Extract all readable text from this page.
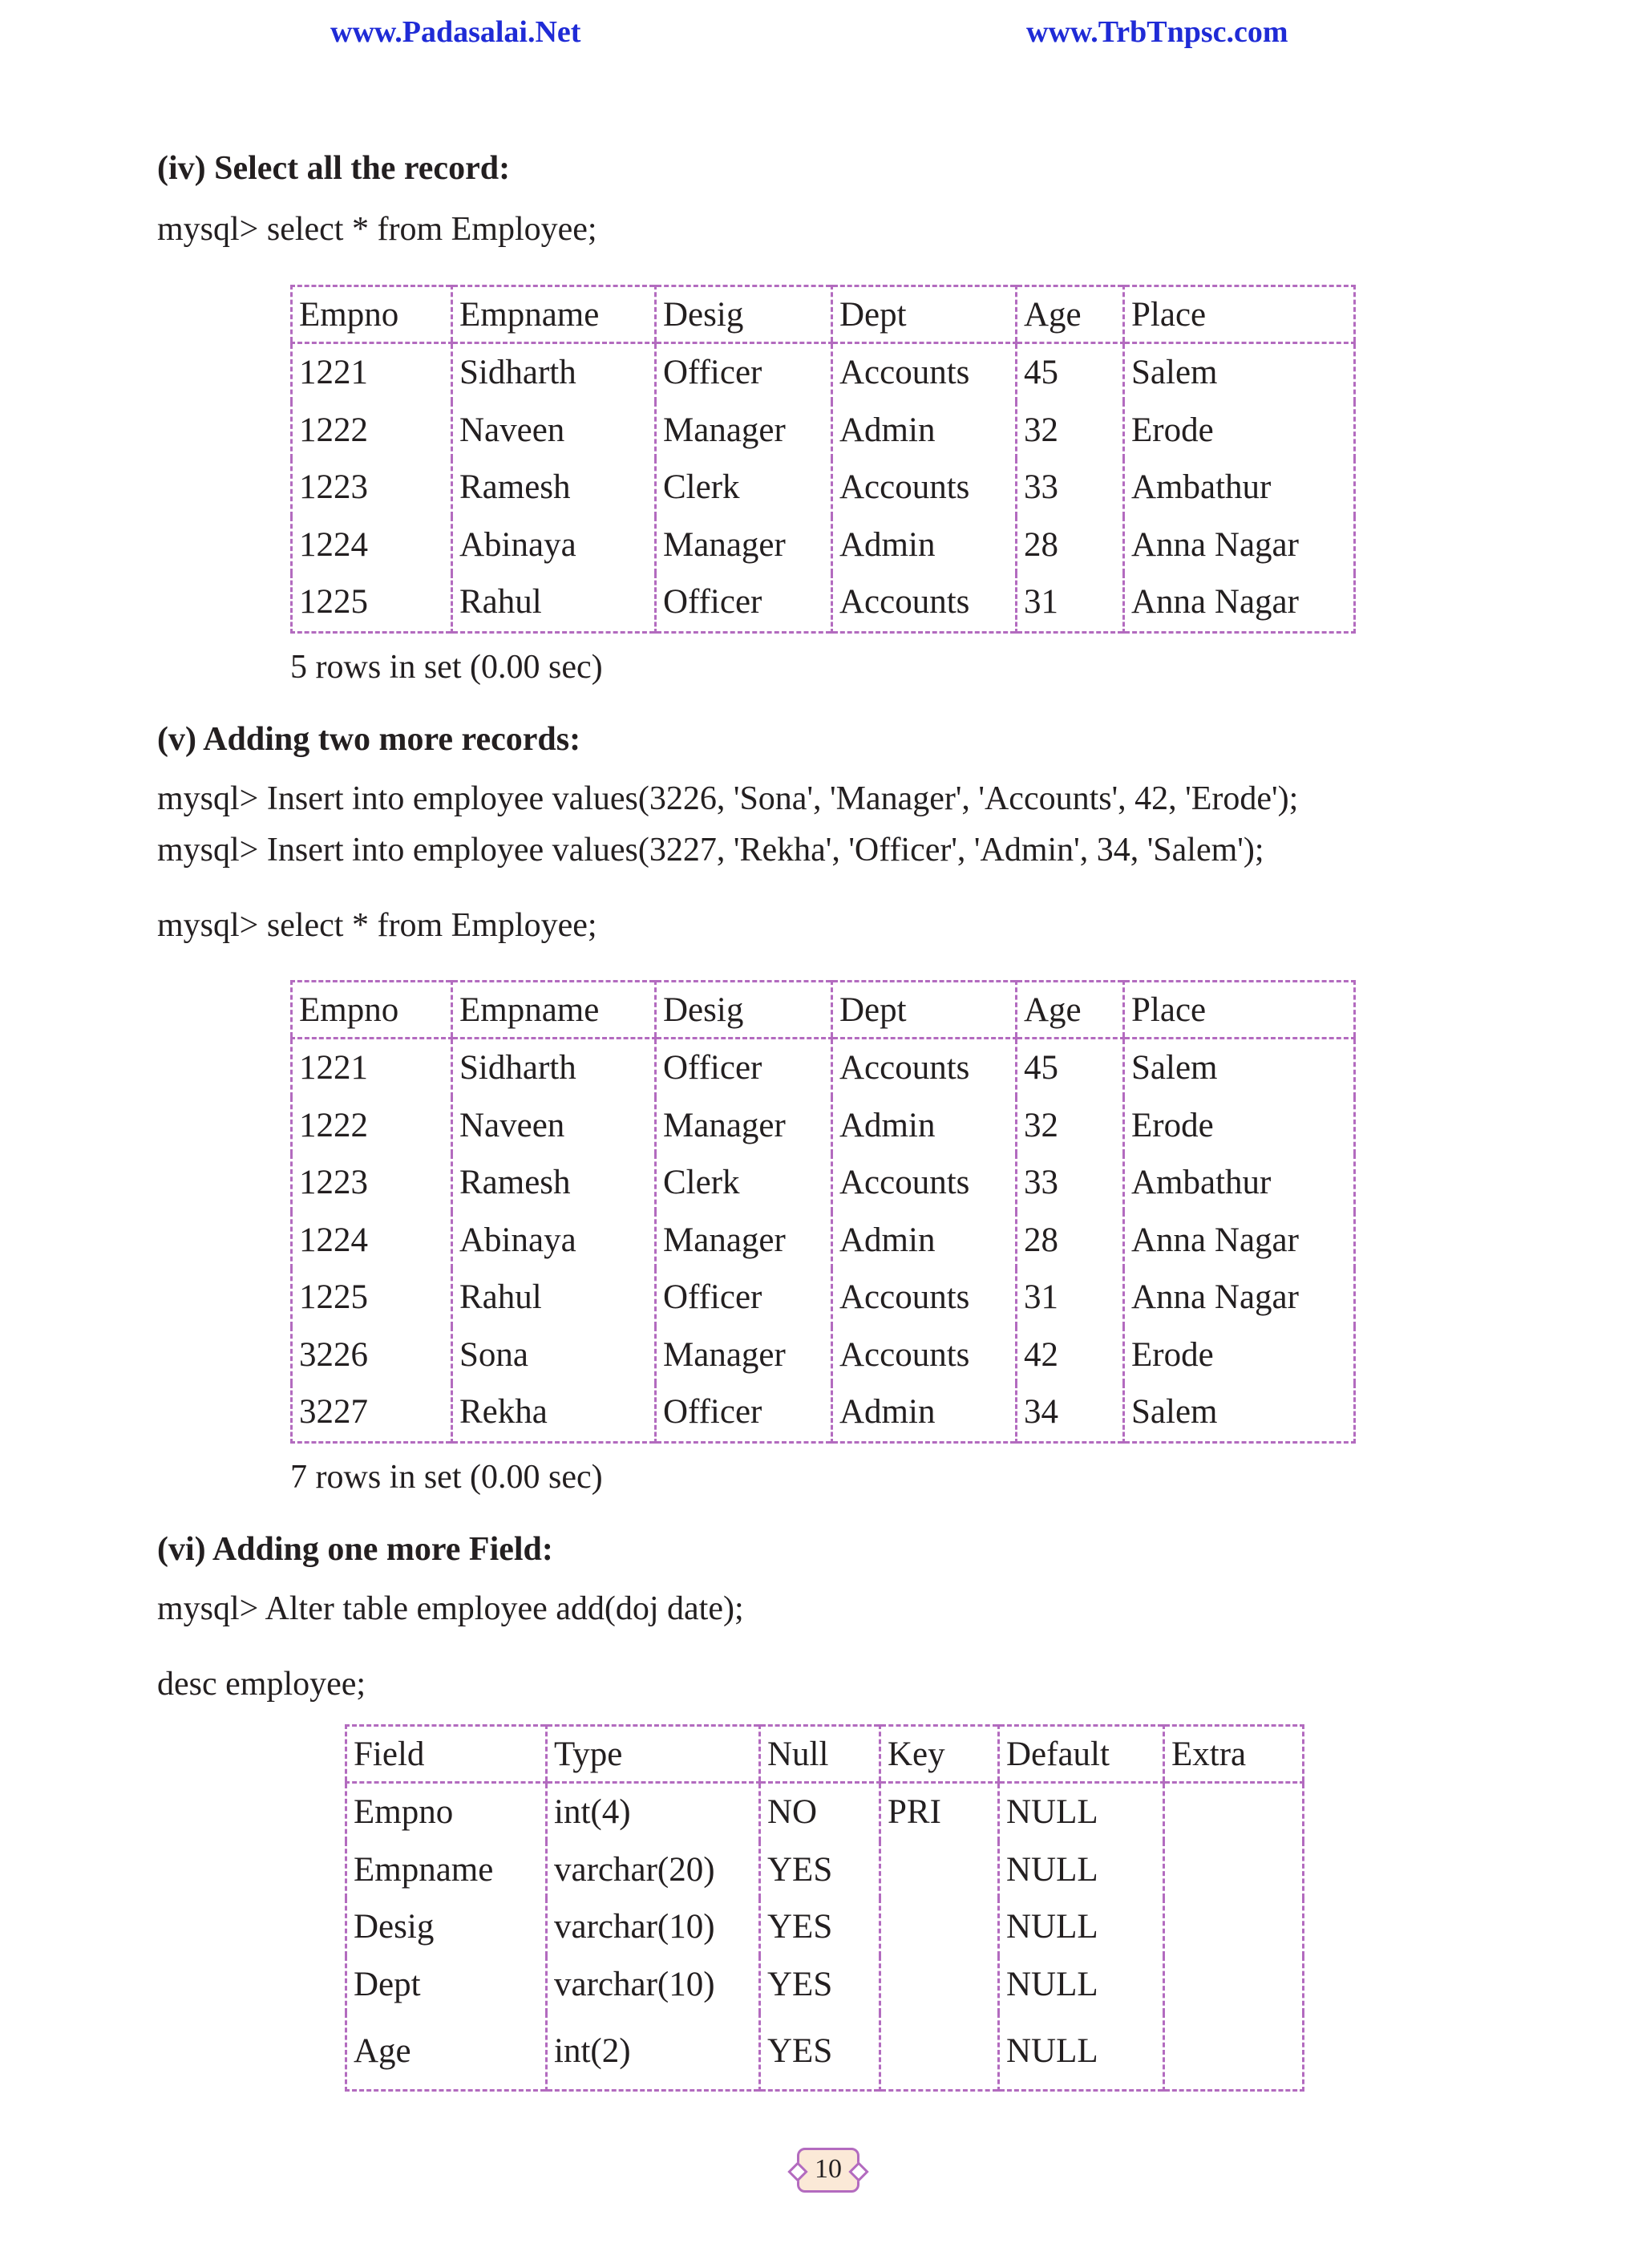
www.Padasalai.Net	www.TrbTnpsc.com
(iv) Select all the record:
mysql> select * from Employee;
Empno	Empname	Desig	Dept	Age	Place
1221	Sidharth	Officer	Accounts	45	Salem
1222	Naveen	Manager	Admin	32	Erode
1223	Ramesh	Clerk	Accounts	33	Ambathur
1224	Abinaya	Manager	Admin	28	Anna Nagar
1225	Rahul	Officer	Accounts	31	Anna Nagar
5 rows in set (0.00 sec)
(v) Adding two more records:
mysql> Insert into employee values(3226, 'Sona', 'Manager', 'Accounts', 42, 'Erode');
mysql> Insert into employee values(3227, 'Rekha', 'Officer', 'Admin', 34, 'Salem');
mysql> select * from Employee;
Empno	Empname	Desig	Dept	Age	Place
1221	Sidharth	Officer	Accounts	45	Salem
1222	Naveen	Manager	Admin	32	Erode
1223	Ramesh	Clerk	Accounts	33	Ambathur
1224	Abinaya	Manager	Admin	28	Anna Nagar
1225	Rahul	Officer	Accounts	31	Anna Nagar
3226	Sona	Manager	Accounts	42	Erode
3227	Rekha	Officer	Admin	34	Salem
7 rows in set (0.00 sec)
(vi) Adding one more Field:
mysql> Alter table employee add(doj date);
desc employee;
Field	Type	Null	Key	Default	Extra
Empno	int(4)	NO	PRI	NULL	
Empname	varchar(20)	YES		NULL	
Desig	varchar(10)	YES		NULL	
Dept	varchar(10)	YES		NULL	
Age	int(2)	YES		NULL	
10
